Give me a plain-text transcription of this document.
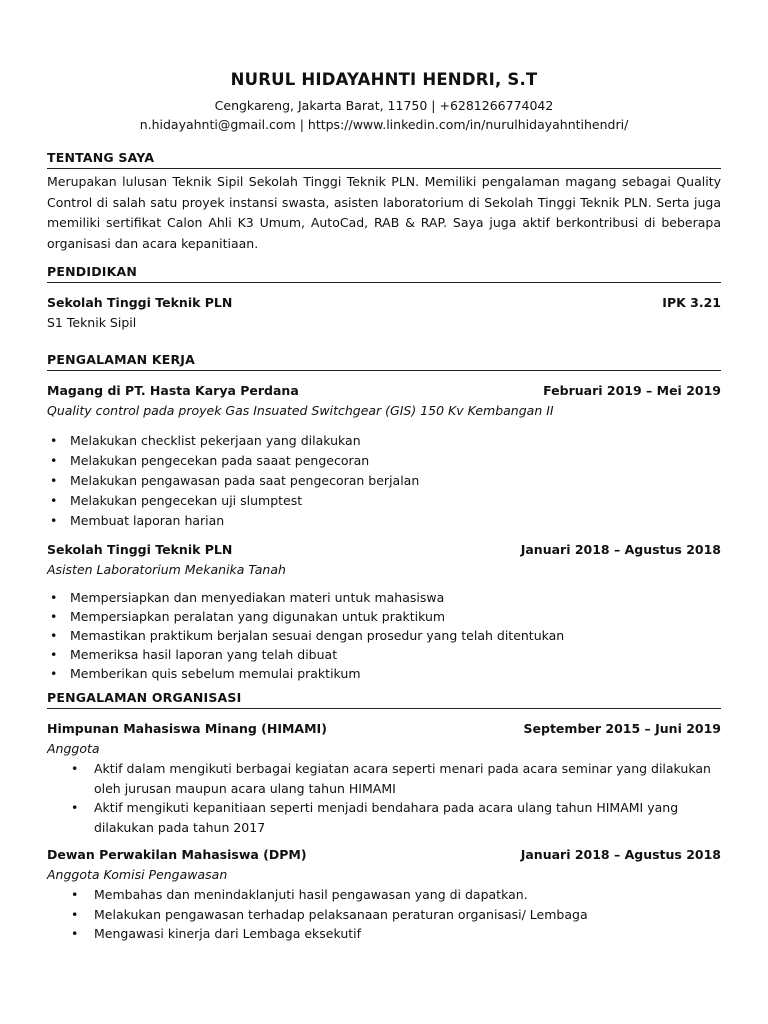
NURUL HIDAYAHNTI HENDRI, S.T
Cengkareng, Jakarta Barat, 11750 | +6281266774042
n.hidayahnti@gmail.com | https://www.linkedin.com/in/nurulhidayahntihendri/
TENTANG SAYA
Merupakan lulusan Teknik Sipil Sekolah Tinggi Teknik PLN. Memiliki pengalaman magang sebagai Quality Control di salah satu proyek instansi swasta, asisten laboratorium di Sekolah Tinggi Teknik PLN. Serta juga memiliki sertifikat Calon Ahli K3 Umum, AutoCad, RAB & RAP. Saya juga aktif berkontribusi di beberapa organisasi dan acara kepanitiaan.
PENDIDIKAN
Sekolah Tinggi Teknik PLN	IPK 3.21
S1 Teknik Sipil
PENGALAMAN KERJA
Magang di PT. Hasta Karya Perdana	Februari 2019 – Mei 2019
Quality control pada proyek Gas Insuated Switchgear (GIS) 150 Kv Kembangan II
• Melakukan checklist pekerjaan yang dilakukan
• Melakukan pengecekan pada saaat pengecoran
• Melakukan pengawasan pada saat pengecoran berjalan
• Melakukan pengecekan uji slumptest
• Membuat laporan harian
Sekolah Tinggi Teknik PLN	Januari 2018 – Agustus 2018
Asisten Laboratorium Mekanika Tanah
• Mempersiapkan dan menyediakan materi untuk mahasiswa
• Mempersiapkan peralatan yang digunakan untuk praktikum
• Memastikan praktikum berjalan sesuai dengan prosedur yang telah ditentukan
• Memeriksa hasil laporan yang telah dibuat
• Memberikan quis sebelum memulai praktikum
PENGALAMAN ORGANISASI
Himpunan Mahasiswa Minang (HIMAMI)	September 2015 – Juni 2019
Anggota
• Aktif dalam mengikuti berbagai kegiatan acara seperti menari pada acara seminar yang dilakukan oleh jurusan maupun acara ulang tahun HIMAMI
• Aktif mengikuti kepanitiaan seperti menjadi bendahara pada acara ulang tahun HIMAMI yang dilakukan pada tahun 2017
Dewan Perwakilan Mahasiswa (DPM)	Januari 2018 – Agustus 2018
Anggota Komisi Pengawasan
• Membahas dan menindaklanjuti hasil pengawasan yang di dapatkan.
• Melakukan pengawasan terhadap pelaksanaan peraturan organisasi/ Lembaga
• Mengawasi kinerja dari Lembaga eksekutif
